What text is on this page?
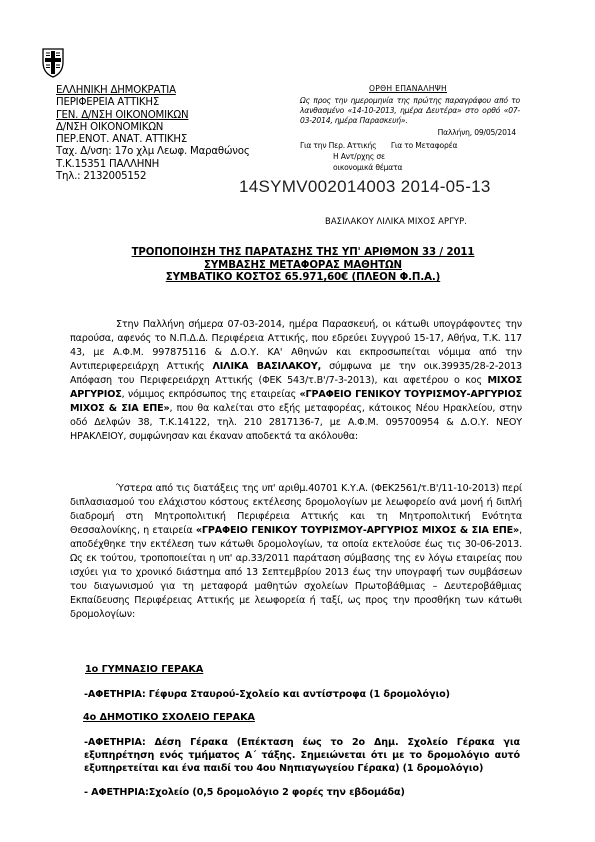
ΕΛΛΗΝΙΚΗ ΔΗΜΟΚΡΑΤΙΑ
ΠΕΡΙΦΕΡΕΙΑ ΑΤΤΙΚΗΣ
ΓΕΝ. Δ/ΝΣΗ ΟΙΚΟΝΟΜΙΚΩΝ
Δ/ΝΣΗ ΟΙΚΟΝΟΜΙΚΩΝ
ΠΕΡ.ΕΝΟΤ. ΑΝΑΤ. ΑΤΤΙΚΗΣ
Ταχ. Δ/νση: 17ο χλμ Λεωφ. Μαραθώνος
Τ.Κ.15351 ΠΑΛΛΗΝΗ
Τηλ.: 2132005152
ΟΡΘΗ ΕΠΑΝΑΛΗΨΗ
Ως προς την ημερομηνία της πρώτης παραγράφου από το λανθασμένο «14-10-2013, ημέρα Δευτέρα» στο ορθό «07-03-2014, ημέρα Παρασκευή».
Παλλήνη, 09/05/2014
Για την Περ. Αττικής Για το Μεταφορέα
Η Αντ/ρχης σε
οικονομικά θέματα
14SYMV002014003 2014-05-13
ΒΑΣΙΛΑΚΟΥ ΛΙΛΙΚΑ ΜΙΧΟΣ ΑΡΓΥΡ.
ΤΡΟΠΟΠΟΙΗΣΗ ΤΗΣ ΠΑΡΑΤΑΣΗΣ ΤΗΣ ΥΠ' ΑΡΙΘΜΟΝ 33 / 2011
ΣΥΜΒΑΣΗΣ ΜΕΤΑΦΟΡΑΣ ΜΑΘΗΤΩΝ
ΣΥΜΒΑΤΙΚΟ ΚΟΣΤΟΣ 65.971,60€ (ΠΛΕΟΝ Φ.Π.Α.)
Στην Παλλήνη σήμερα 07-03-2014, ημέρα Παρασκευή, οι κάτωθι υπογράφοντες την παρούσα, αφενός το Ν.Π.Δ.Δ. Περιφέρεια Αττικής, που εδρεύει Συγγρού 15-17, Αθήνα, Τ.Κ. 117 43, με Α.Φ.Μ. 997875116 & Δ.Ο.Υ. ΚΑ' Αθηνών και εκπροσωπείται νόμιμα από την Αντιπεριφερειάρχη Αττικής ΛΙΛΙΚΑ ΒΑΣΙΛΑΚΟΥ, σύμφωνα με την οικ.39935/28-2-2013 Απόφαση του Περιφερειάρχη Αττικής (ΦΕΚ 543/τ.Β'/7-3-2013), και αφετέρου ο κος ΜΙΧΟΣ ΑΡΓΥΡΙΟΣ, νόμιμος εκπρόσωπος της εταιρείας «ΓΡΑΦΕΙΟ ΓΕΝΙΚΟΥ ΤΟΥΡΙΣΜΟΥ-ΑΡΓΥΡΙΟΣ ΜΙΧΟΣ & ΣΙΑ ΕΠΕ», που θα καλείται στο εξής μεταφορέας, κάτοικος Νέου Ηρακλείου, στην οδό Δελφών 38, Τ.Κ.14122, τηλ. 210 2817136-7, με Α.Φ.Μ. 095700954 & Δ.Ο.Υ. ΝΕΟΥ ΗΡΑΚΛΕΙΟΥ, συμφώνησαν και έκαναν αποδεκτά τα ακόλουθα:
Ύστερα από τις διατάξεις της υπ' αριθμ.40701 Κ.Υ.Α. (ΦΕΚ2561/τ.Β'/11-10-2013) περί διπλασιασμού του ελάχιστου κόστους εκτέλεσης δρομολογίων με λεωφορείο ανά μονή ή διπλή διαδρομή στη Μητροπολιτική Περιφέρεια Αττικής και τη Μητροπολιτική Ενότητα Θεσσαλονίκης, η εταιρεία «ΓΡΑΦΕΙΟ ΓΕΝΙΚΟΥ ΤΟΥΡΙΣΜΟΥ-ΑΡΓΥΡΙΟΣ ΜΙΧΟΣ & ΣΙΑ ΕΠΕ», αποδέχθηκε την εκτέλεση των κάτωθι δρομολογίων, τα οποία εκτελούσε έως τις 30-06-2013. Ως εκ τούτου, τροποποιείται η υπ' αρ.33/2011 παράταση σύμβασης της εν λόγω εταιρείας που ισχύει για το χρονικό διάστημα από 13 Σεπτεμβρίου 2013 έως την υπογραφή των συμβάσεων του διαγωνισμού για τη μεταφορά μαθητών σχολείων Πρωτοβάθμιας – Δευτεροβάθμιας Εκπαίδευσης Περιφέρειας Αττικής με λεωφορεία ή ταξί, ως προς την προσθήκη των κάτωθι δρομολογίων:
1ο ΓΥΜΝΑΣΙΟ ΓΕΡΑΚΑ
-ΑΦΕΤΗΡΙΑ: Γέφυρα Σταυρού-Σχολείο και αντίστροφα (1 δρομολόγιο)
4ο ΔΗΜΟΤΙΚΟ ΣΧΟΛΕΙΟ ΓΕΡΑΚΑ
-ΑΦΕΤΗΡΙΑ: Δέση Γέρακα (Επέκταση έως το 2ο Δημ. Σχολείο Γέρακα για εξυπηρέτηση ενός τμήματος Α΄ τάξης. Σημειώνεται ότι με το δρομολόγιο αυτό εξυπηρετείται και ένα παιδί του 4ου Νηπιαγωγείου Γέρακα) (1 δρομολόγιο)
- ΑΦΕΤΗΡΙΑ:Σχολείο (0,5 δρομολόγιο 2 φορές την εβδομάδα)
